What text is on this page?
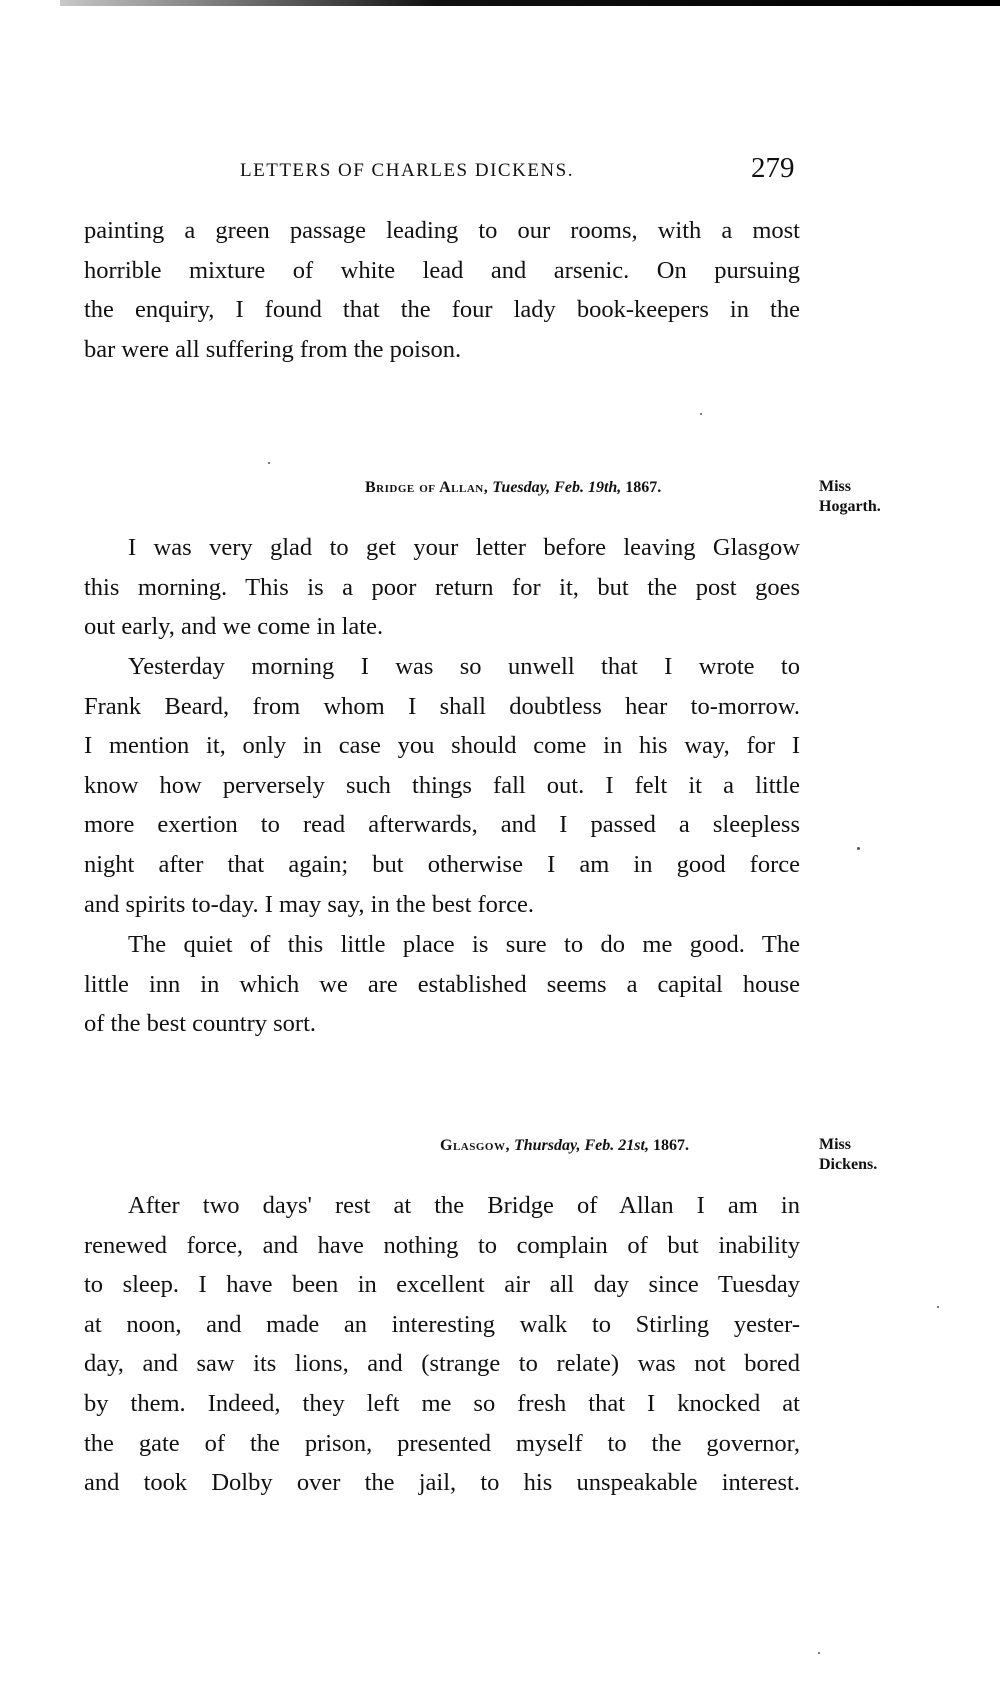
LETTERS OF CHARLES DICKENS.	279
painting a green passage leading to our rooms, with a most
horrible mixture of white lead and arsenic. On pursuing
the enquiry, I found that the four lady book-keepers in the
bar were all suffering from the poison.
Bridge of Allan, Tuesday, Feb. 19th, 1867.	Miss
Hogarth.
I was very glad to get your letter before leaving Glasgow
this morning. This is a poor return for it, but the post goes
out early, and we come in late.
Yesterday morning I was so unwell that I wrote to
Frank Beard, from whom I shall doubtless hear to-morrow.
I mention it, only in case you should come in his way, for I
know how perversely such things fall out. I felt it a little
more exertion to read afterwards, and I passed a sleepless
night after that again; but otherwise I am in good force
and spirits to-day. I may say, in the best force.
The quiet of this little place is sure to do me good. The
little inn in which we are established seems a capital house
of the best country sort.
Glasgow, Thursday, Feb. 21st, 1867.	Miss
Dickens.
After two days' rest at the Bridge of Allan I am in
renewed force, and have nothing to complain of but inability
to sleep. I have been in excellent air all day since Tuesday
at noon, and made an interesting walk to Stirling yester-
day, and saw its lions, and (strange to relate) was not bored
by them. Indeed, they left me so fresh that I knocked at
the gate of the prison, presented myself to the governor,
and took Dolby over the jail, to his unspeakable interest.
